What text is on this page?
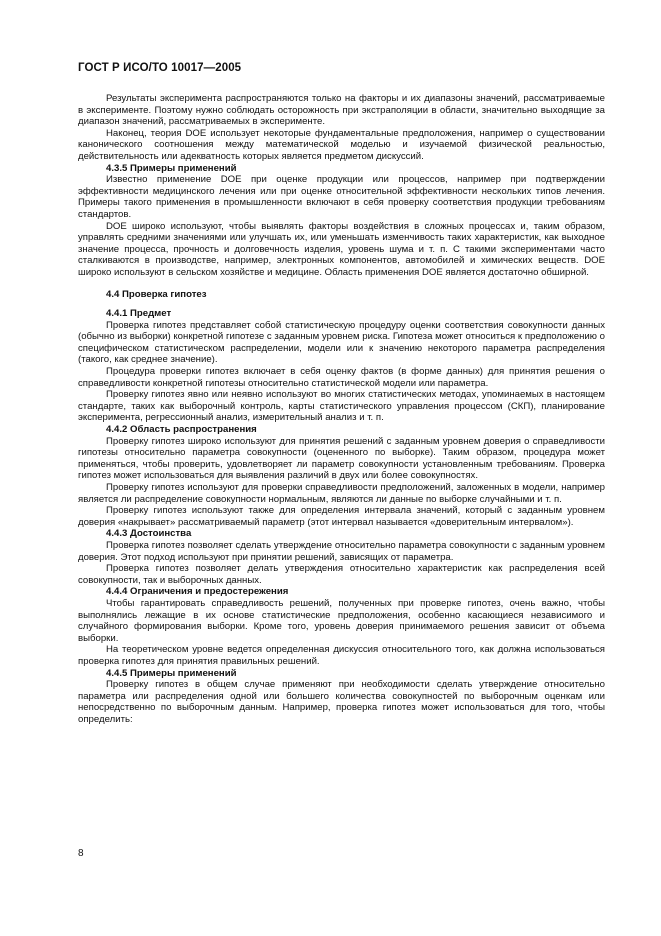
ГОСТ Р ИСО/ТО 10017—2005

Результаты эксперимента распространяются только на факторы и их диапазоны значений, рассматриваемые в эксперименте. Поэтому нужно соблюдать осторожность при экстраполяции в области, значительно выходящие за диапазон значений, рассматриваемых в эксперименте.

Наконец, теория DOE использует некоторые фундаментальные предположения, например о существовании канонического соотношения между математической моделью и изучаемой физической реальностью, действительность или адекватность которых является предметом дискуссий.

4.3.5 Примеры применений

Известно применение DOE при оценке продукции или процессов, например при подтверждении эффективности медицинского лечения или при оценке относительной эффективности нескольких типов лечения. Примеры такого применения в промышленности включают в себя проверку соответствия продукции требованиям стандартов.

DOE широко используют, чтобы выявлять факторы воздействия в сложных процессах и, таким образом, управлять средними значениями или улучшать их, или уменьшать изменчивость таких характеристик, как выходное значение процесса, прочность и долговечность изделия, уровень шума и т. п. С такими экспериментами часто сталкиваются в производстве, например, электронных компонентов, автомобилей и химических веществ. DOE широко используют в сельском хозяйстве и медицине. Область применения DOE является достаточно обширной.

4.4 Проверка гипотез
4.4.1 Предмет

Проверка гипотез представляет собой статистическую процедуру оценки соответствия совокупности данных (обычно из выборки) конкретной гипотезе с заданным уровнем риска. Гипотеза может относиться к предположению о специфическом статистическом распределении, модели или к значению некоторого параметра распределения (такого, как среднее значение).

Процедура проверки гипотез включает в себя оценку фактов (в форме данных) для принятия решения о справедливости конкретной гипотезы относительно статистической модели или параметра.

Проверку гипотез явно или неявно используют во многих статистических методах, упоминаемых в настоящем стандарте, таких как выборочный контроль, карты статистического управления процессом (СКП), планирование эксперимента, регрессионный анализ, измерительный анализ и т. п.

4.4.2 Область распространения

Проверку гипотез широко используют для принятия решений с заданным уровнем доверия о справедливости гипотезы относительно параметра совокупности (оцененного по выборке). Таким образом, процедура может применяться, чтобы проверить, удовлетворяет ли параметр совокупности установленным требованиям. Проверка гипотез может использоваться для выявления различий в двух или более совокупностях.

Проверку гипотез используют для проверки справедливости предположений, заложенных в модели, например является ли распределение совокупности нормальным, являются ли данные по выборке случайными и т. п.

Проверку гипотез используют также для определения интервала значений, который с заданным уровнем доверия «накрывает» рассматриваемый параметр (этот интервал называется «доверительным интервалом»).

4.4.3 Достоинства

Проверка гипотез позволяет сделать утверждение относительно параметра совокупности с заданным уровнем доверия. Этот подход используют при принятии решений, зависящих от параметра.

Проверка гипотез позволяет делать утверждения относительно характеристик как распределения всей совокупности, так и выборочных данных.

4.4.4 Ограничения и предостережения

Чтобы гарантировать справедливость решений, полученных при проверке гипотез, очень важно, чтобы выполнялись лежащие в их основе статистические предположения, особенно касающиеся независимого и случайного формирования выборки. Кроме того, уровень доверия принимаемого решения зависит от объема выборки.

На теоретическом уровне ведется определенная дискуссия относительного того, как должна использоваться проверка гипотез для принятия правильных решений.

4.4.5 Примеры применений

Проверку гипотез в общем случае применяют при необходимости сделать утверждение относительно параметра или распределения одной или большего количества совокупностей по выборочным оценкам или непосредственно по выборочным данным. Например, проверка гипотез может использоваться для того, чтобы определить:

8
